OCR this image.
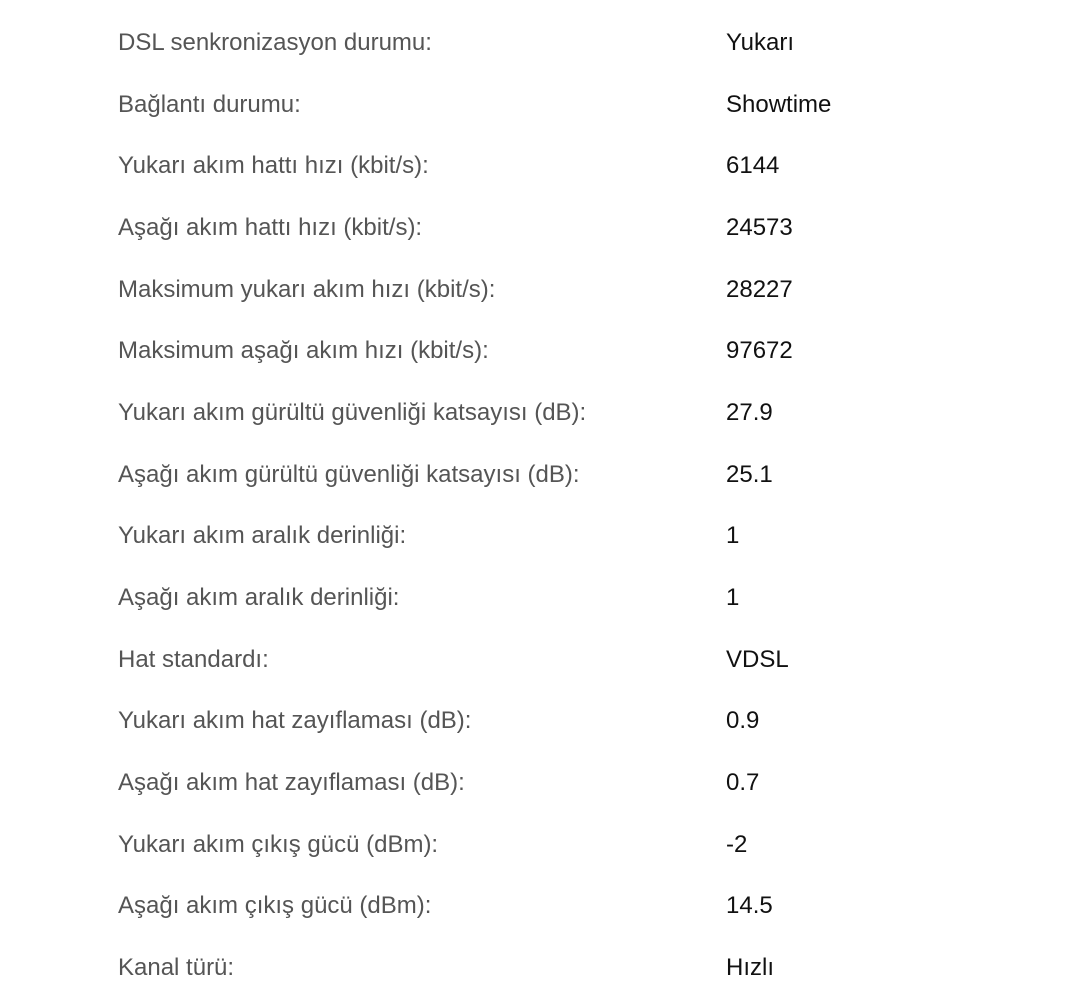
DSL senkronizasyon durumu:	Yukarı
Bağlantı durumu:	Showtime
Yukarı akım hattı hızı (kbit/s):	6144
Aşağı akım hattı hızı (kbit/s):	24573
Maksimum yukarı akım hızı (kbit/s):	28227
Maksimum aşağı akım hızı (kbit/s):	97672
Yukarı akım gürültü güvenliği katsayısı (dB):	27.9
Aşağı akım gürültü güvenliği katsayısı (dB):	25.1
Yukarı akım aralık derinliği:	1
Aşağı akım aralık derinliği:	1
Hat standardı:	VDSL
Yukarı akım hat zayıflaması (dB):	0.9
Aşağı akım hat zayıflaması (dB):	0.7
Yukarı akım çıkış gücü (dBm):	-2
Aşağı akım çıkış gücü (dBm):	14.5
Kanal türü:	Hızlı
